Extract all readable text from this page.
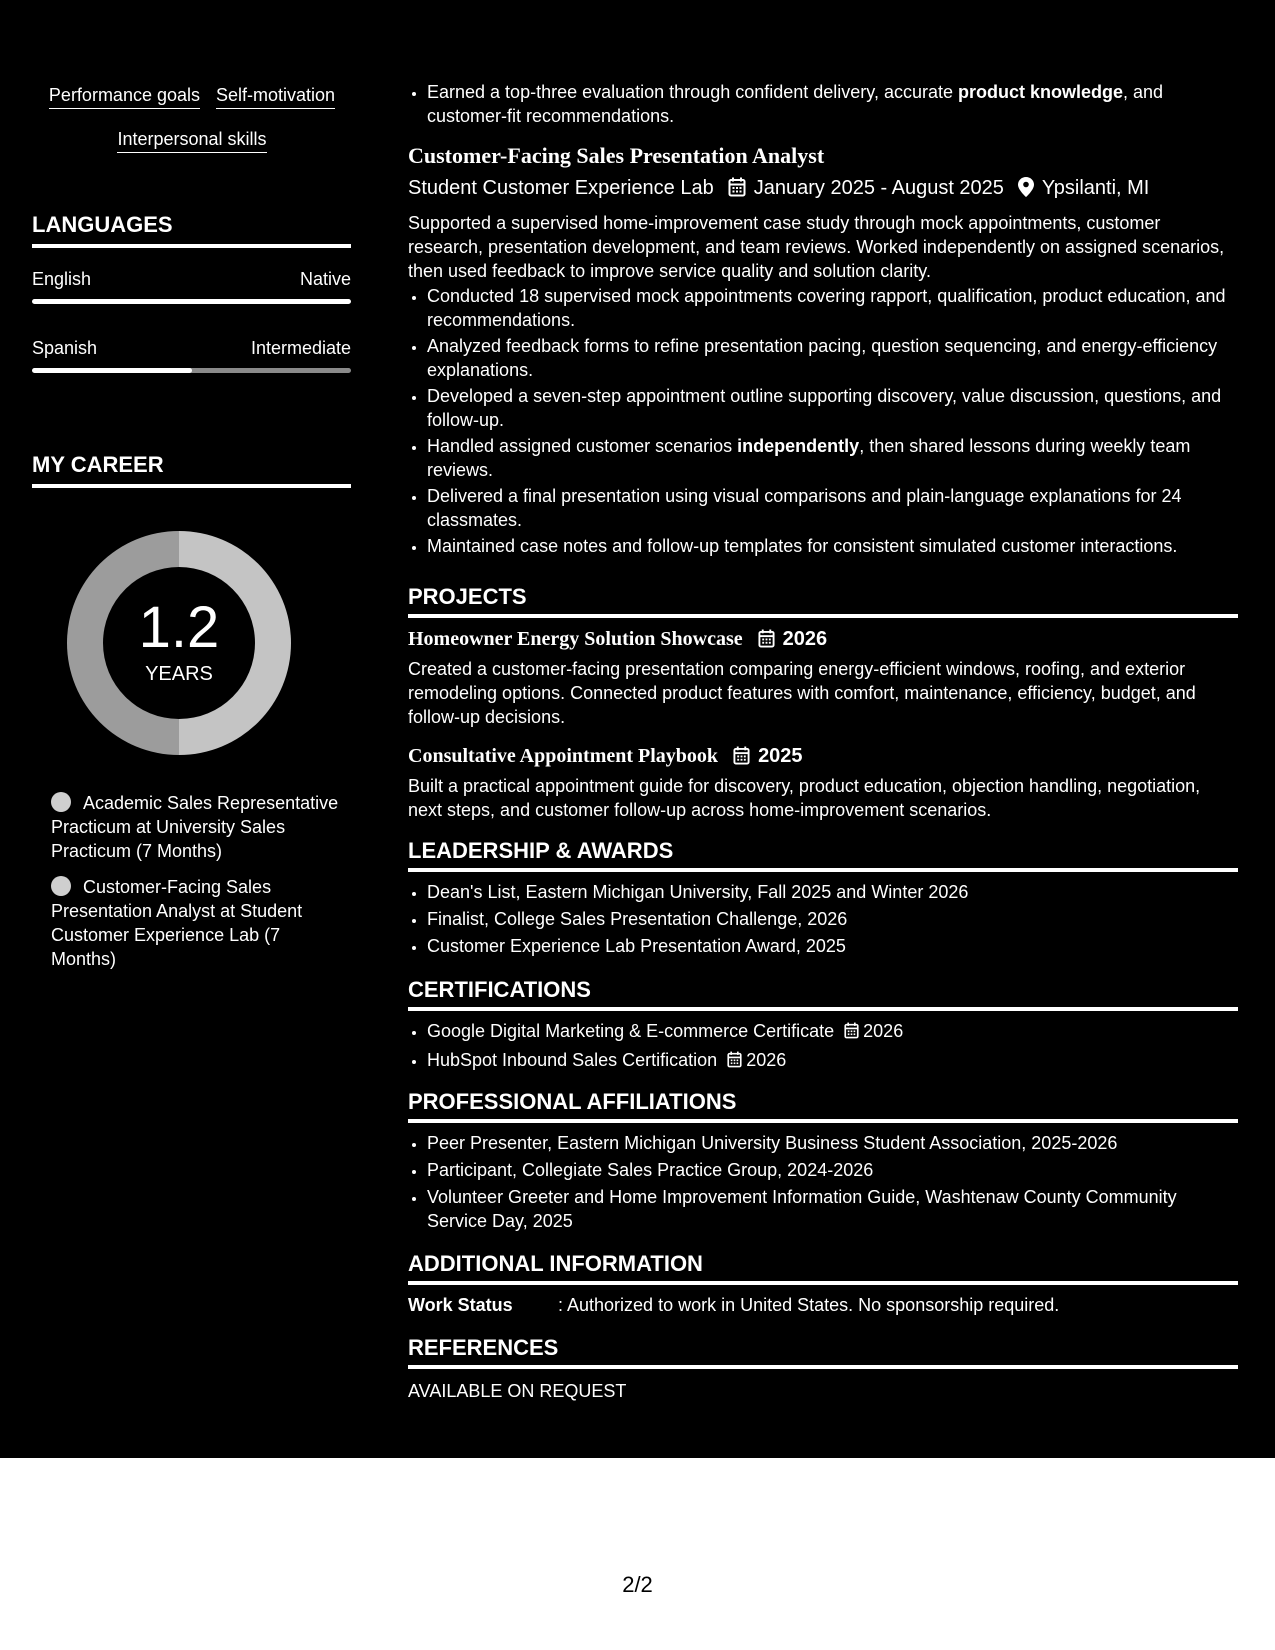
Performance goals Self-motivation
Interpersonal skills
LANGUAGES
English	Native
Spanish	Intermediate
MY CAREER
1.2
YEARS
Academic Sales Representative Practicum at University Sales Practicum (7 Months)
Customer-Facing Sales Presentation Analyst at Student Customer Experience Lab (7 Months)
• Earned a top-three evaluation through confident delivery, accurate product knowledge, and customer-fit recommendations.
Customer-Facing Sales Presentation Analyst
Student Customer Experience Lab January 2025 - August 2025 Ypsilanti, MI
Supported a supervised home-improvement case study through mock appointments, customer research, presentation development, and team reviews. Worked independently on assigned scenarios, then used feedback to improve service quality and solution clarity.
• Conducted 18 supervised mock appointments covering rapport, qualification, product education, and recommendations.
• Analyzed feedback forms to refine presentation pacing, question sequencing, and energy-efficiency explanations.
• Developed a seven-step appointment outline supporting discovery, value discussion, questions, and follow-up.
• Handled assigned customer scenarios independently, then shared lessons during weekly team reviews.
• Delivered a final presentation using visual comparisons and plain-language explanations for 24 classmates.
• Maintained case notes and follow-up templates for consistent simulated customer interactions.
PROJECTS
Homeowner Energy Solution Showcase 2026
Created a customer-facing presentation comparing energy-efficient windows, roofing, and exterior remodeling options. Connected product features with comfort, maintenance, efficiency, budget, and follow-up decisions.
Consultative Appointment Playbook 2025
Built a practical appointment guide for discovery, product education, objection handling, negotiation, next steps, and customer follow-up across home-improvement scenarios.
LEADERSHIP & AWARDS
• Dean's List, Eastern Michigan University, Fall 2025 and Winter 2026
• Finalist, College Sales Presentation Challenge, 2026
• Customer Experience Lab Presentation Award, 2025
CERTIFICATIONS
• Google Digital Marketing & E-commerce Certificate 2026
• HubSpot Inbound Sales Certification 2026
PROFESSIONAL AFFILIATIONS
• Peer Presenter, Eastern Michigan University Business Student Association, 2025-2026
• Participant, Collegiate Sales Practice Group, 2024-2026
• Volunteer Greeter and Home Improvement Information Guide, Washtenaw County Community Service Day, 2025
ADDITIONAL INFORMATION
Work Status	: Authorized to work in United States. No sponsorship required.
REFERENCES
AVAILABLE ON REQUEST
2/2
